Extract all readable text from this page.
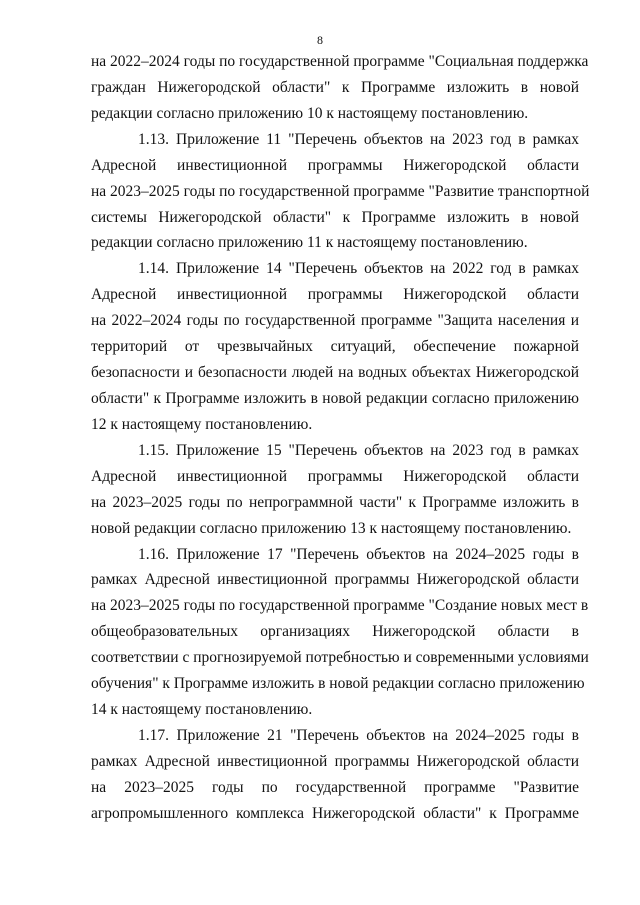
8
на 2022–2024 годы по государственной программе "Социальная поддержка
граждан Нижегородской области" к Программе изложить в новой
редакции согласно приложению 10 к настоящему постановлению.
1.13. Приложение 11 "Перечень объектов на 2023 год в рамках
Адресной инвестиционной программы Нижегородской области
на 2023–2025 годы по государственной программе "Развитие транспортной
системы Нижегородской области" к Программе изложить в новой
редакции согласно приложению 11 к настоящему постановлению.
1.14. Приложение 14 "Перечень объектов на 2022 год в рамках
Адресной инвестиционной программы Нижегородской области
на 2022–2024 годы по государственной программе "Защита населения и
территорий от чрезвычайных ситуаций, обеспечение пожарной
безопасности и безопасности людей на водных объектах Нижегородской
области" к Программе изложить в новой редакции согласно приложению
12 к настоящему постановлению.
1.15. Приложение 15 "Перечень объектов на 2023 год в рамках
Адресной инвестиционной программы Нижегородской области
на 2023–2025 годы по непрограммной части" к Программе изложить в
новой редакции согласно приложению 13 к настоящему постановлению.
1.16. Приложение 17 "Перечень объектов на 2024–2025 годы в
рамках Адресной инвестиционной программы Нижегородской области
на 2023–2025 годы по государственной программе "Создание новых мест в
общеобразовательных организациях Нижегородской области в
соответствии с прогнозируемой потребностью и современными условиями
обучения" к Программе изложить в новой редакции согласно приложению
14 к настоящему постановлению.
1.17. Приложение 21 "Перечень объектов на 2024–2025 годы в
рамках Адресной инвестиционной программы Нижегородской области
на 2023–2025 годы по государственной программе "Развитие
агропромышленного комплекса Нижегородской области" к Программе
